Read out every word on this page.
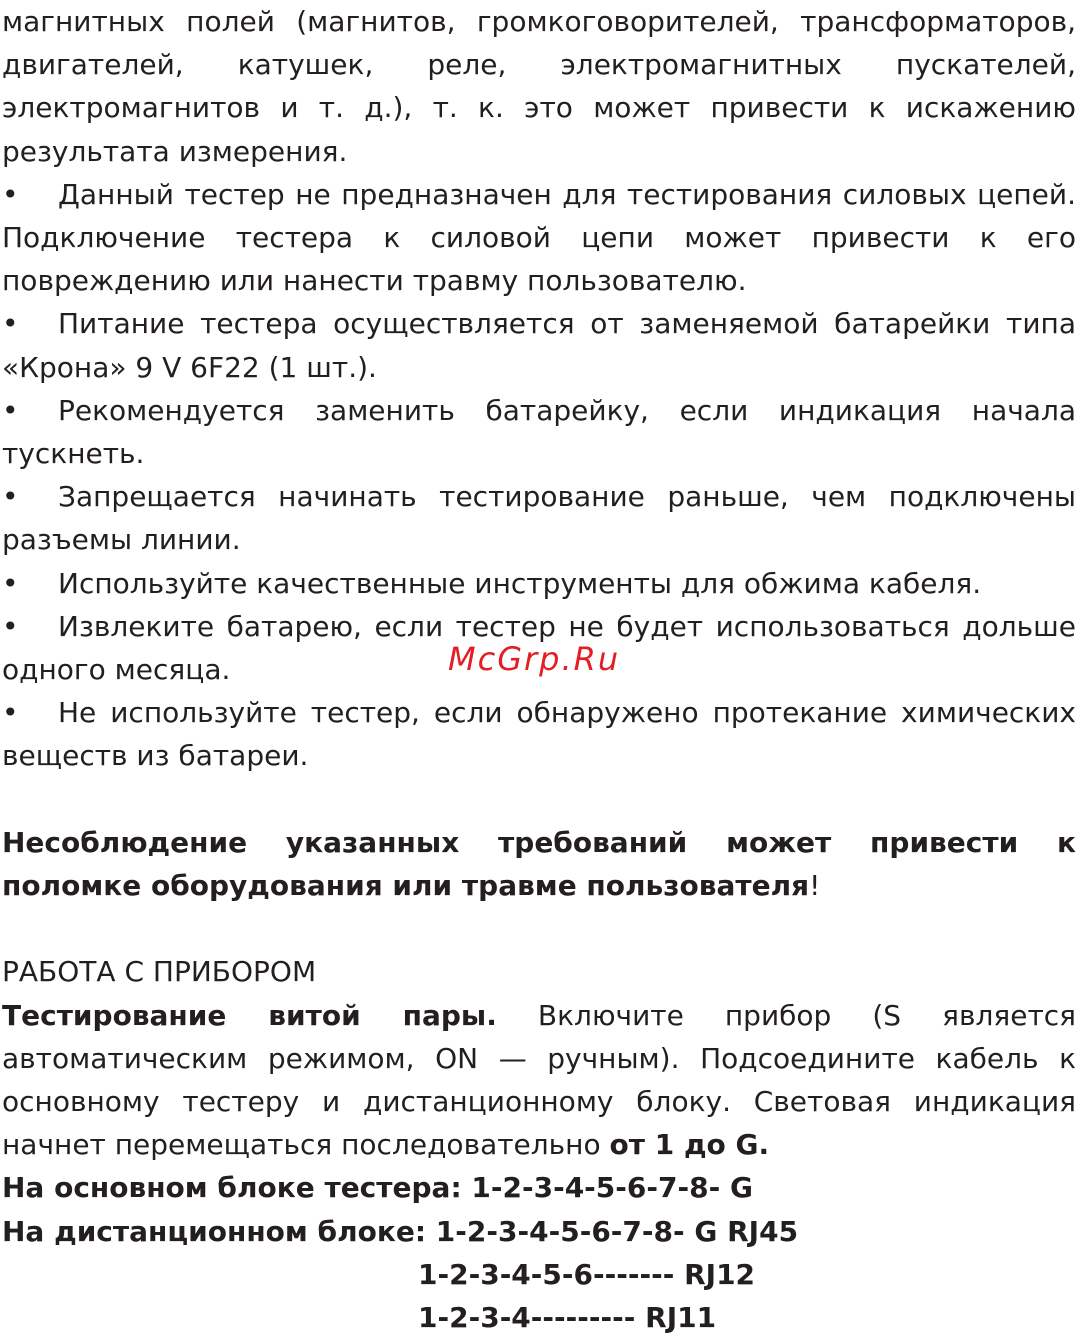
магнитных полей (магнитов, громкоговорителей, трансформаторов, двигателей, катушек, реле, электромагнитных пускателей, электромагнитов и т. д.), т. к. это может привести к искажению результата измерения.

•	Данный тестер не предназначен для тестирования силовых цепей. Подключение тестера к силовой цепи может привести к его повреждению или нанести травму пользователю.

•	Питание тестера осуществляется от заменяемой батарейки типа «Крона» 9 V 6F22 (1 шт.).

•	Рекомендуется заменить батарейку, если индикация начала тускнеть.

•	Запрещается начинать тестирование раньше, чем подключены разъемы линии.

•	Используйте качественные инструменты для обжима кабеля.

•	Извлеките батарею, если тестер не будет использоваться дольше одного месяца.

•	Не используйте тестер, если обнаружено протекание химических веществ из батареи.

Несоблюдение указанных требований может привести к поломке оборудования или травме пользователя!

РАБОТА С ПРИБОРОМ

Тестирование витой пары. Включите прибор (S является автоматическим режимом, ON — ручным). Подсоедините кабель к основному тестеру и дистанционному блоку. Световая индикация начнет перемещаться последовательно от 1 до G.

На основном блоке тестера: 1-2-3-4-5-6-7-8- G
На дистанционном блоке: 1-2-3-4-5-6-7-8- G RJ45
1-2-3-4-5-6------- RJ12
1-2-3-4--------- RJ11
McGrp.Ru
